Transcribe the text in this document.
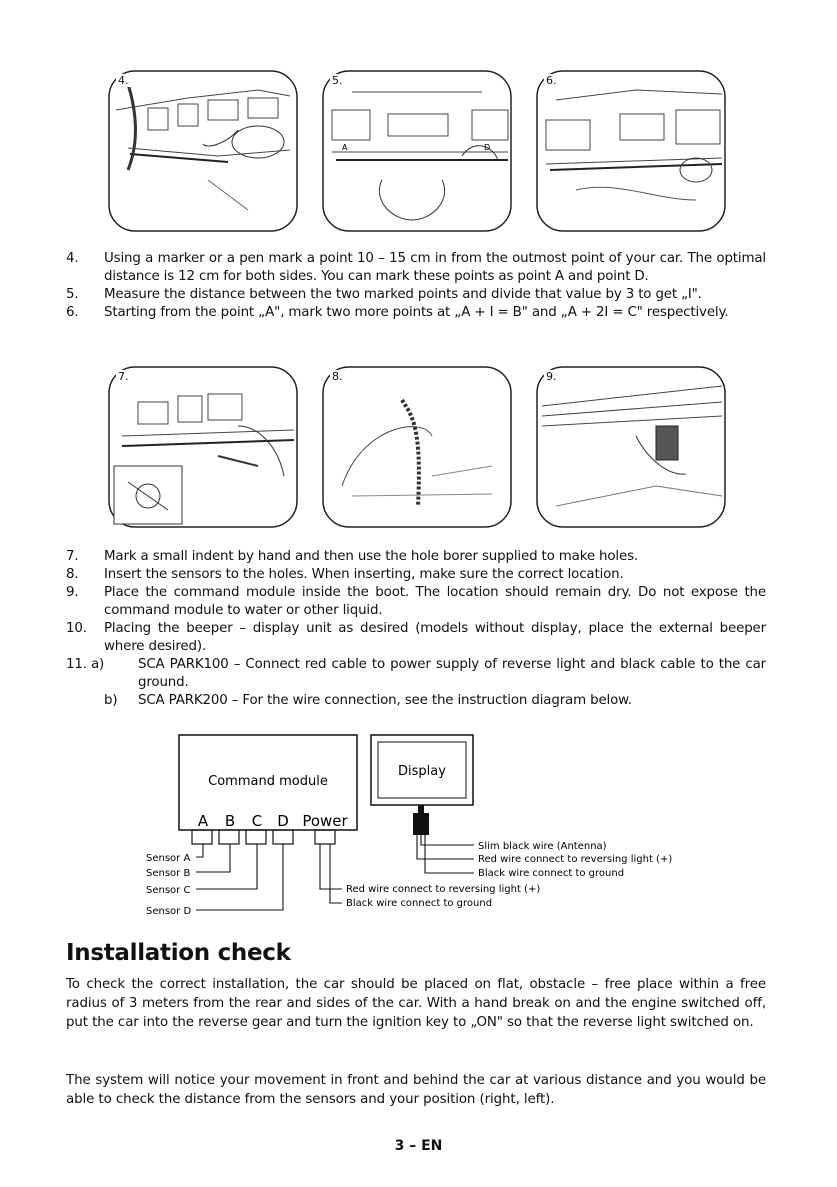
4.
A	D
5.	6.
4. Using a marker or a pen mark a point 10 – 15 cm in from the outmost point of your car. The optimal distance is 12 cm for both sides. You can mark these points as point A and point D.
5. Measure the distance between the two marked points and divide that value by 3 to get „I".
6. Starting from the point „A", mark two more points at „A + I = B" and „A + 2I = C" respectively.
7.	8.	9.
7. Mark a small indent by hand and then use the hole borer supplied to make holes.
8. Insert the sensors to the holes. When inserting, make sure the correct location.
9. Place the command module inside the boot. The location should remain dry. Do not expose the command module to water or other liquid.
10. Placing the beeper – display unit as desired (models without display, place the external beeper where desired).
11. a)	SCA PARK100 – Connect red cable to power supply of reverse light and black cable to the car ground.
b) SCA PARK200 – For the wire connection, see the instruction diagram below.
Command module
A B C D Power
Sensor A
Sensor B
Sensor C
Sensor D
Red wire connect to reversing light (+)
Black wire connect to ground
Display
Slim black wire (Antenna)
Red wire connect to reversing light (+)
Black wire connect to ground
Installation check
To check the correct installation, the car should be placed on flat, obstacle – free place within a free radius of 3 meters from the rear and sides of the car. With a hand break on and the engine switched off, put the car into the reverse gear and turn the ignition key to „ON" so that the reverse light switched on.
The system will notice your movement in front and behind the car at various distance and you would be able to check the distance from the sensors and your position (right, left).
3 – EN
